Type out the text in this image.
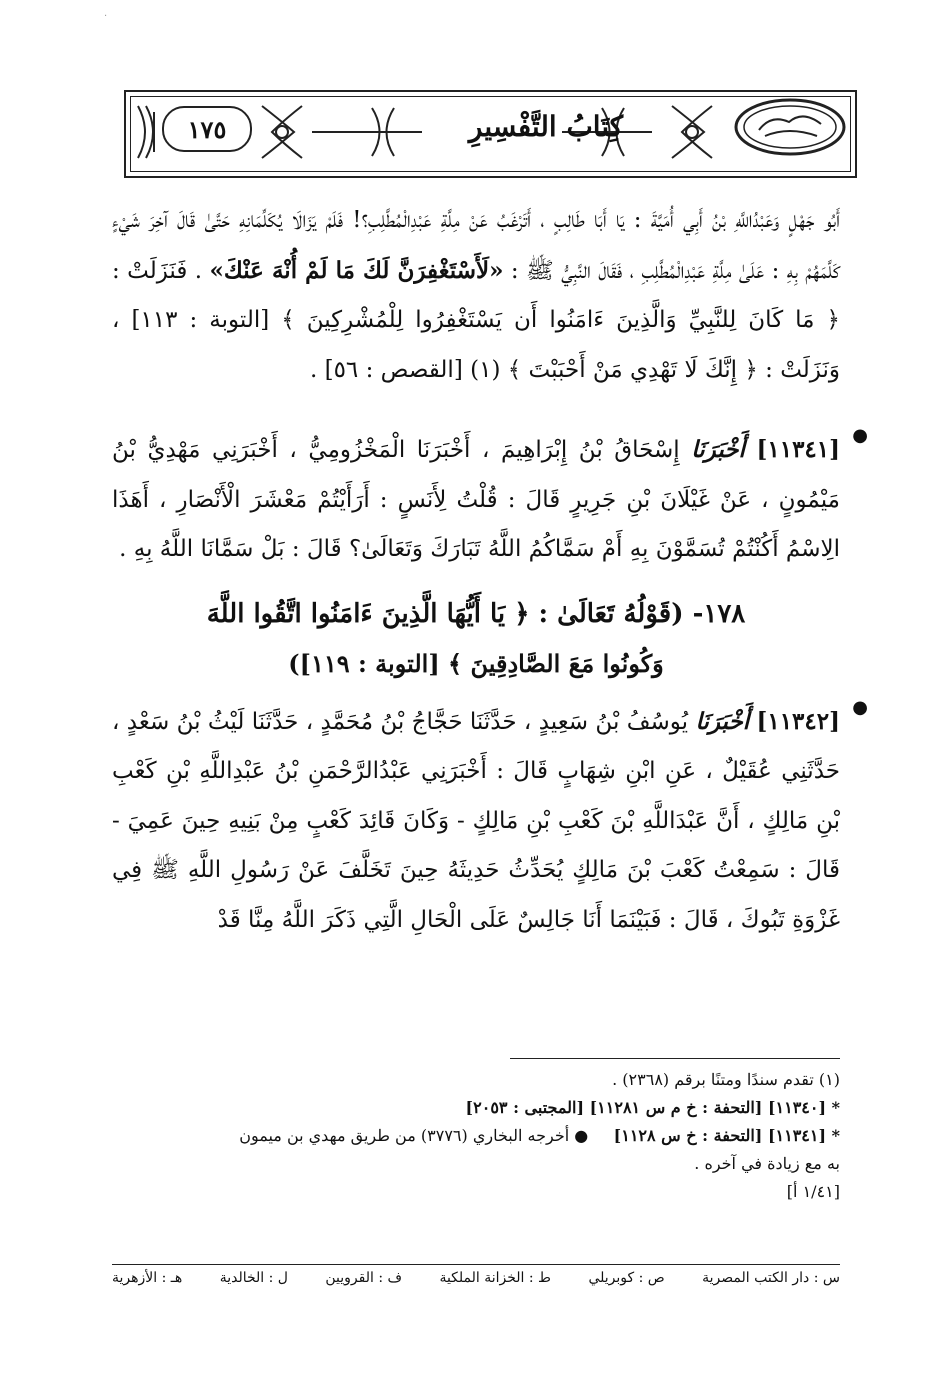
·
١٧٥	كِتَابُ التَّفْسِيرِ

أَبُو جَهْلٍ وَعَبْدُاللَّهِ بْنُ أَبِي أُمَيَّةَ : يَا أَبَا طَالِبٍ ، أَتَرْغَبُ عَنْ مِلَّةِ عَبْدِالْمُطَّلِبِ؟! فَلَمْ يَزَالَا يُكَلِّمَانِهِ حَتَّىٰ قَالَ آخِرَ شَيْءٍ كَلَّمَهُمْ بِهِ : عَلَىٰ مِلَّةِ عَبْدِالْمُطَّلِبِ ، فَقَالَ النَّبِيُّ ﷺ : «لَأَسْتَغْفِرَنَّ لَكَ مَا لَمْ أُنْهَ عَنْكَ» . فَنَزَلَتْ : ﴿ مَا كَانَ لِلنَّبِيِّ وَالَّذِينَ ءَامَنُوا أَن يَسْتَغْفِرُوا لِلْمُشْرِكِينَ ﴾ [التوبة : ١١٣] ، وَنَزَلَتْ : ﴿ إِنَّكَ لَا تَهْدِي مَنْ أَحْبَبْتَ ﴾ (١) [القصص : ٥٦] .

●

[١١٣٤١] أَخْبَرَنَا إِسْحَاقُ بْنُ إِبْرَاهِيمَ ، أَخْبَرَنَا الْمَخْزُومِيُّ ، أَخْبَرَنِي مَهْدِيُّ بْنُ مَيْمُونٍ ، عَنْ غَيْلَانَ بْنِ جَرِيرٍ قَالَ : قُلْتُ لِأَنَسٍ : أَرَأَيْتُمْ مَعْشَرَ الْأَنْصَارِ ، أَهَذَا الِاسْمُ أَكُنْتُمْ تُسَمَّوْنَ بِهِ أَمْ سَمَّاكُمُ اللَّهُ تَبَارَكَ وَتَعَالَىٰ؟ قَالَ : بَلْ سَمَّانَا اللَّهُ بِهِ .

١٧٨- (قَوْلُهُ تَعَالَىٰ : ﴿ يَا أَيُّهَا الَّذِينَ ءَامَنُوا اتَّقُوا اللَّهَ
وَكُونُوا مَعَ الصَّادِقِينَ ﴾ [التوبة : ١١٩])
●

[١١٣٤٢] أَخْبَرَنَا يُوسُفُ بْنُ سَعِيدٍ ، حَدَّثَنَا حَجَّاجُ بْنُ مُحَمَّدٍ ، حَدَّثَنَا لَيْثُ بْنُ سَعْدٍ ، حَدَّثَنِي عُقَيْلٌ ، عَنِ ابْنِ شِهَابٍ قَالَ : أَخْبَرَنِي عَبْدُالرَّحْمَنِ بْنُ عَبْدِاللَّهِ بْنِ كَعْبِ بْنِ مَالِكٍ ، أَنَّ عَبْدَاللَّهِ بْنَ كَعْبِ بْنِ مَالِكٍ - وَكَانَ قَائِدَ كَعْبٍ مِنْ بَنِيهِ حِينَ عَمِيَ - قَالَ : سَمِعْتُ كَعْبَ بْنَ مَالِكٍ يُحَدِّثُ حَدِيثَهُ حِينَ تَخَلَّفَ عَنْ رَسُولِ اللَّهِ ﷺ فِي غَزْوَةِ تَبُوكَ ، قَالَ : فَبَيْنَمَا أَنَا جَالِسٌ عَلَى الْحَالِ الَّتِي ذَكَرَ اللَّهُ مِنَّا قَدْ

(١) تقدم سندًا ومتنًا برقم (٢٣٦٨) .

* [١١٣٤٠] [التحفة : خ م س ١١٢٨١] [المجتبى : ٢٠٥٣]

* [١١٣٤١] [التحفة : خ س ١١٢٨]     ● أخرجه البخاري (٣٧٧٦) من طريق مهدي بن ميمون

به مع زيادة في آخره .

[١/٤١ أ]

س : دار الكتب المصرية
ص : كوبريلي
ط : الخزانة الملكية
ف : القرويين
ل : الخالدية
هـ : الأزهرية
